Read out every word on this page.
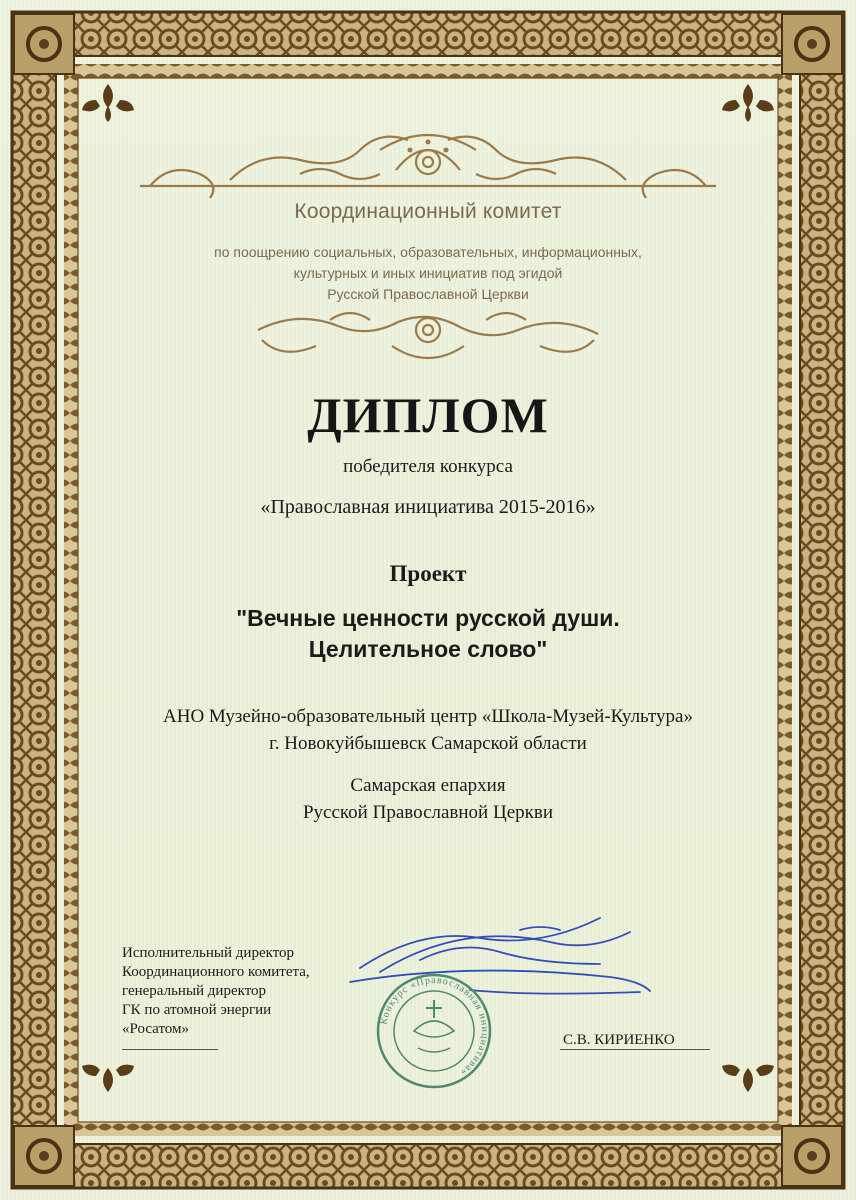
Конкурс «Православная инициатива»
Координационный комитет
по поощрению социальных, образовательных, информационных,
культурных и иных инициатив под эгидой
Русской Православной Церкви
ДИПЛОМ
победителя конкурса
«Православная инициатива 2015-2016»
Проект
"Вечные ценности русской души.
Целительное слово"
АНО Музейно-образовательный центр «Школа-Музей-Культура»
г. Новокуйбышевск Самарской области
Самарская епархия
Русской Православной Церкви
Исполнительный директор
Координационного комитета,
генеральный директор
ГК по атомной энергии
«Росатом»
С.В. КИРИЕНКО
